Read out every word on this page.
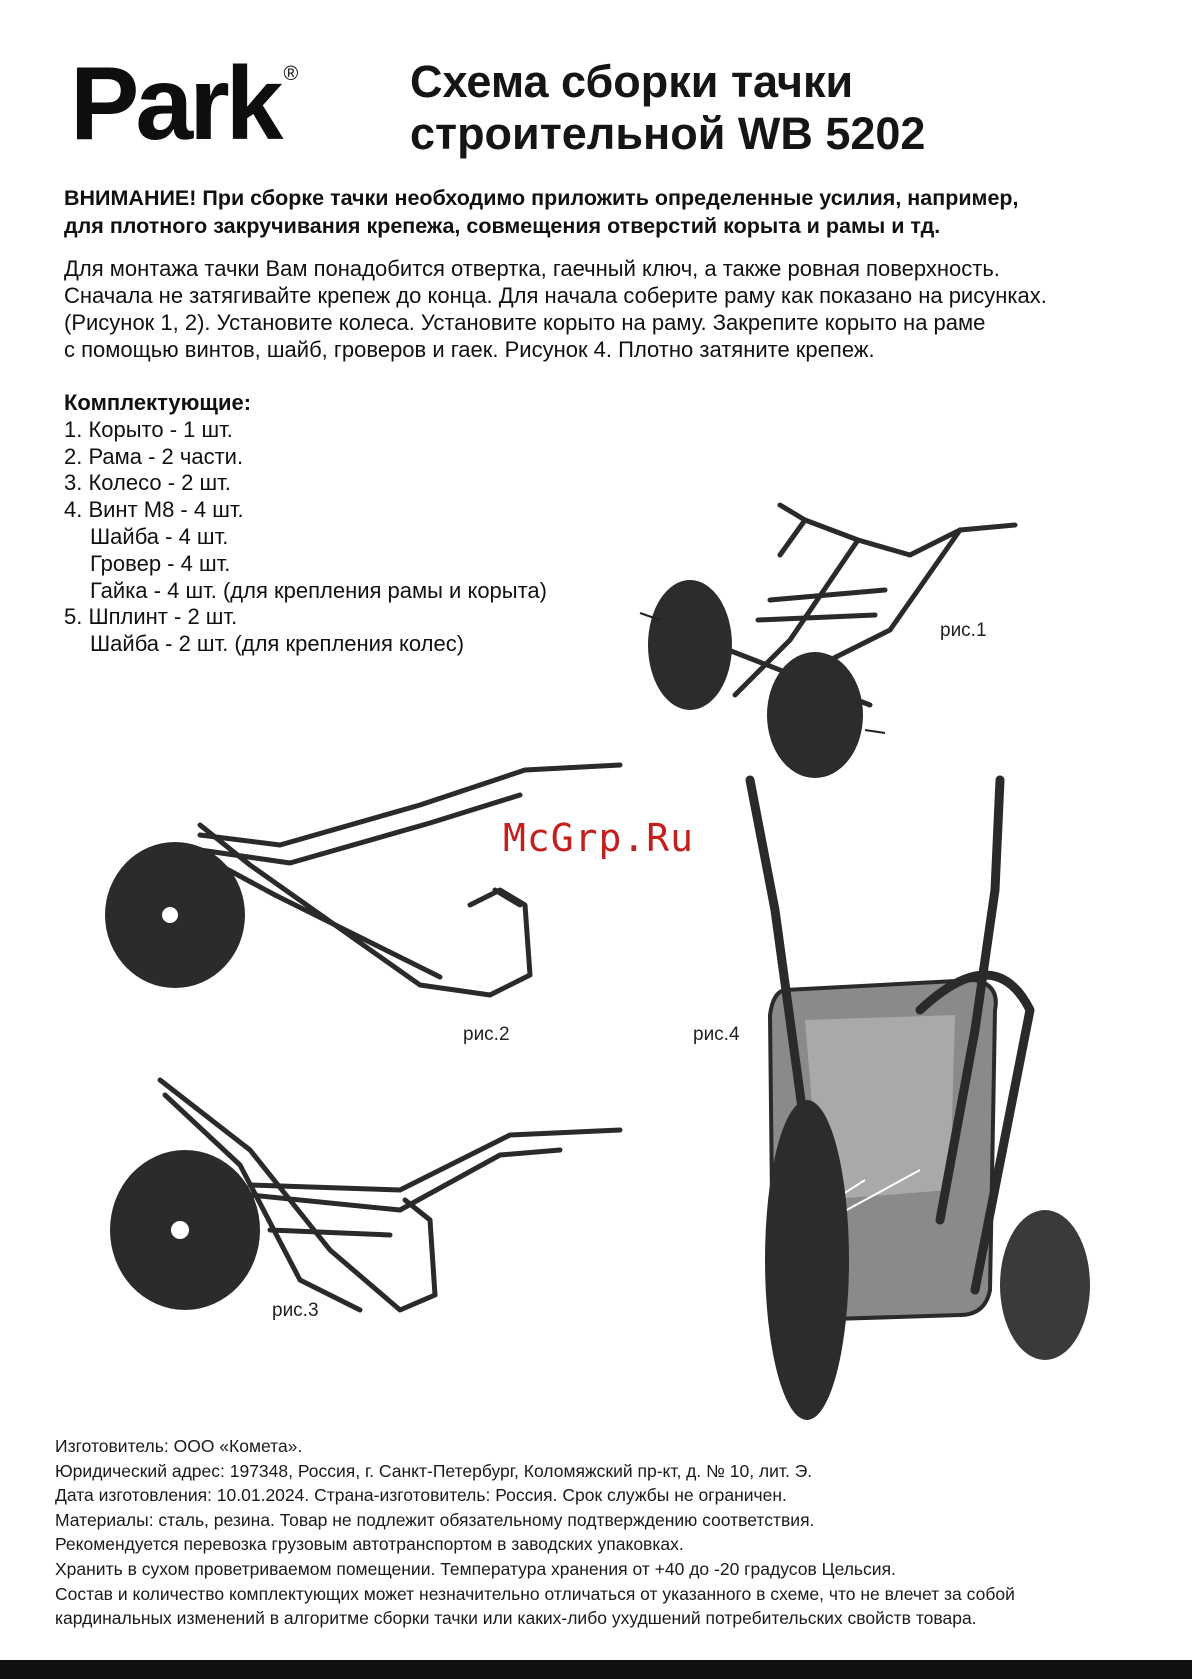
Park ® Схема сборки тачки
строительной WB 5202
ВНИМАНИЕ! При сборке тачки необходимо приложить определенные усилия, например,
для плотного закручивания крепежа, совмещения отверстий корыта и рамы и тд.

Для монтажа тачки Вам понадобится отвертка, гаечный ключ, а также ровная поверхность.

Сначала не затягивайте крепеж до конца. Для начала соберите раму как показано на рисунках.

(Рисунок 1, 2). Установите колеса. Установите корыто на раму. Закрепите корыто на раме

с помощью винтов, шайб, гроверов и гаек. Рисунок 4. Плотно затяните крепеж.

Комплектующие:
1. Корыто - 1 шт.
2. Рама - 2 части.
3. Колесо - 2 шт.
4. Винт М8 - 4 шт.
Шайба - 4 шт.
Гровер - 4 шт.
Гайка - 4 шт. (для крепления рамы и корыта)
5. Шплинт - 2 шт.
Шайба - 2 шт. (для крепления колес)
рис.1
рис.2
рис.3
рис.4
McGrp.Ru
Изготовитель: ООО «Комета».
Юридический адрес: 197348, Россия, г. Санкт-Петербург, Коломяжский пр-кт, д. № 10, лит. Э.
Дата изготовления: 10.01.2024. Страна-изготовитель: Россия. Срок службы не ограничен.
Материалы: сталь, резина. Товар не подлежит обязательному подтверждению соответствия.
Рекомендуется перевозка грузовым автотранспортом в заводских упаковках.
Хранить в сухом проветриваемом помещении. Температура хранения от +40 до -20 градусов Цельсия.
Состав и количество комплектующих может незначительно отличаться от указанного в схеме, что не влечет за собой
кардинальных изменений в алгоритме сборки тачки или каких-либо ухудшений потребительских свойств товара.
